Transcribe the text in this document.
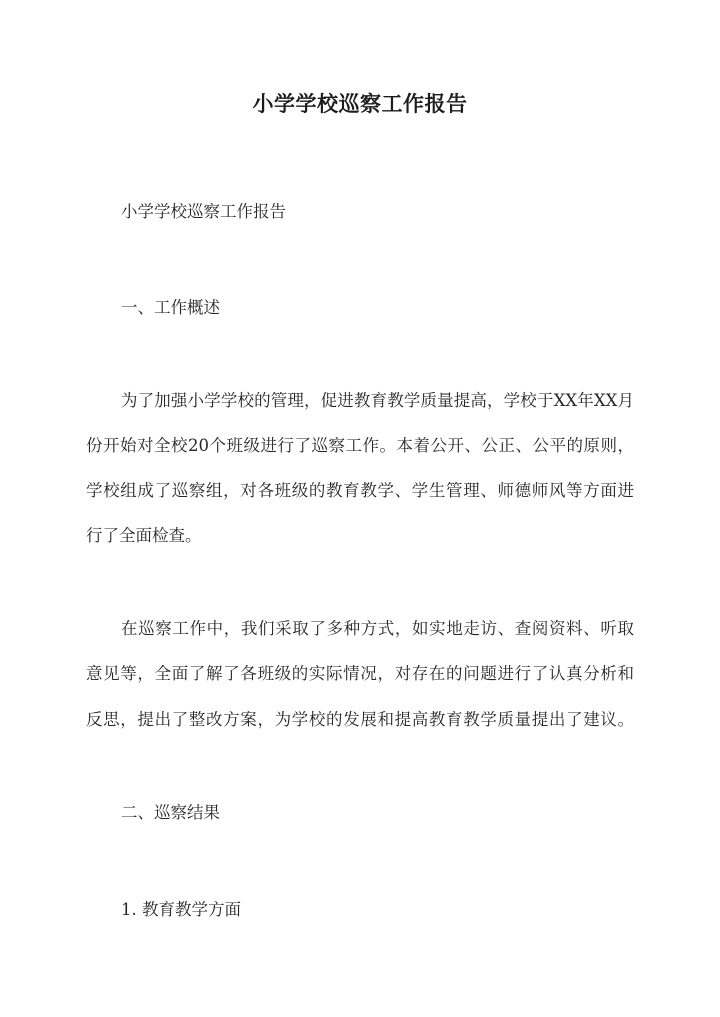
小学学校巡察工作报告
小学学校巡察工作报告
一、工作概述
为了加强小学学校的管理，促进教育教学质量提高，学校于XX年XX月
份开始对全校20个班级进行了巡察工作。本着公开、公正、公平的原则，
学校组成了巡察组，对各班级的教育教学、学生管理、师德师风等方面进
行了全面检查。
在巡察工作中，我们采取了多种方式，如实地走访、查阅资料、听取
意见等，全面了解了各班级的实际情况，对存在的问题进行了认真分析和
反思，提出了整改方案，为学校的发展和提高教育教学质量提出了建议。
二、巡察结果
1. 教育教学方面
